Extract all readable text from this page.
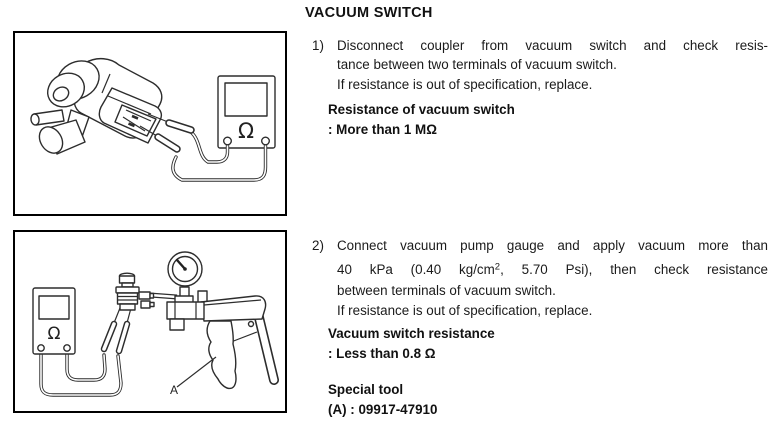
Ω
Ω
A
VACUUM SWITCH
1) Disconnect coupler from vacuum switch and check resis-
tance between two terminals of vacuum switch.
If resistance is out of specification, replace.
Resistance of vacuum switch
: More than 1 MΩ
2) Connect vacuum pump gauge and apply vacuum more than
40 kPa (0.40 $kg/cm^2$, 5.70 Psi), then check resistance
between terminals of vacuum switch.
If resistance is out of specification, replace.
Vacuum switch resistance
: Less than 0.8 Ω
Special tool
(A) : 09917-47910
